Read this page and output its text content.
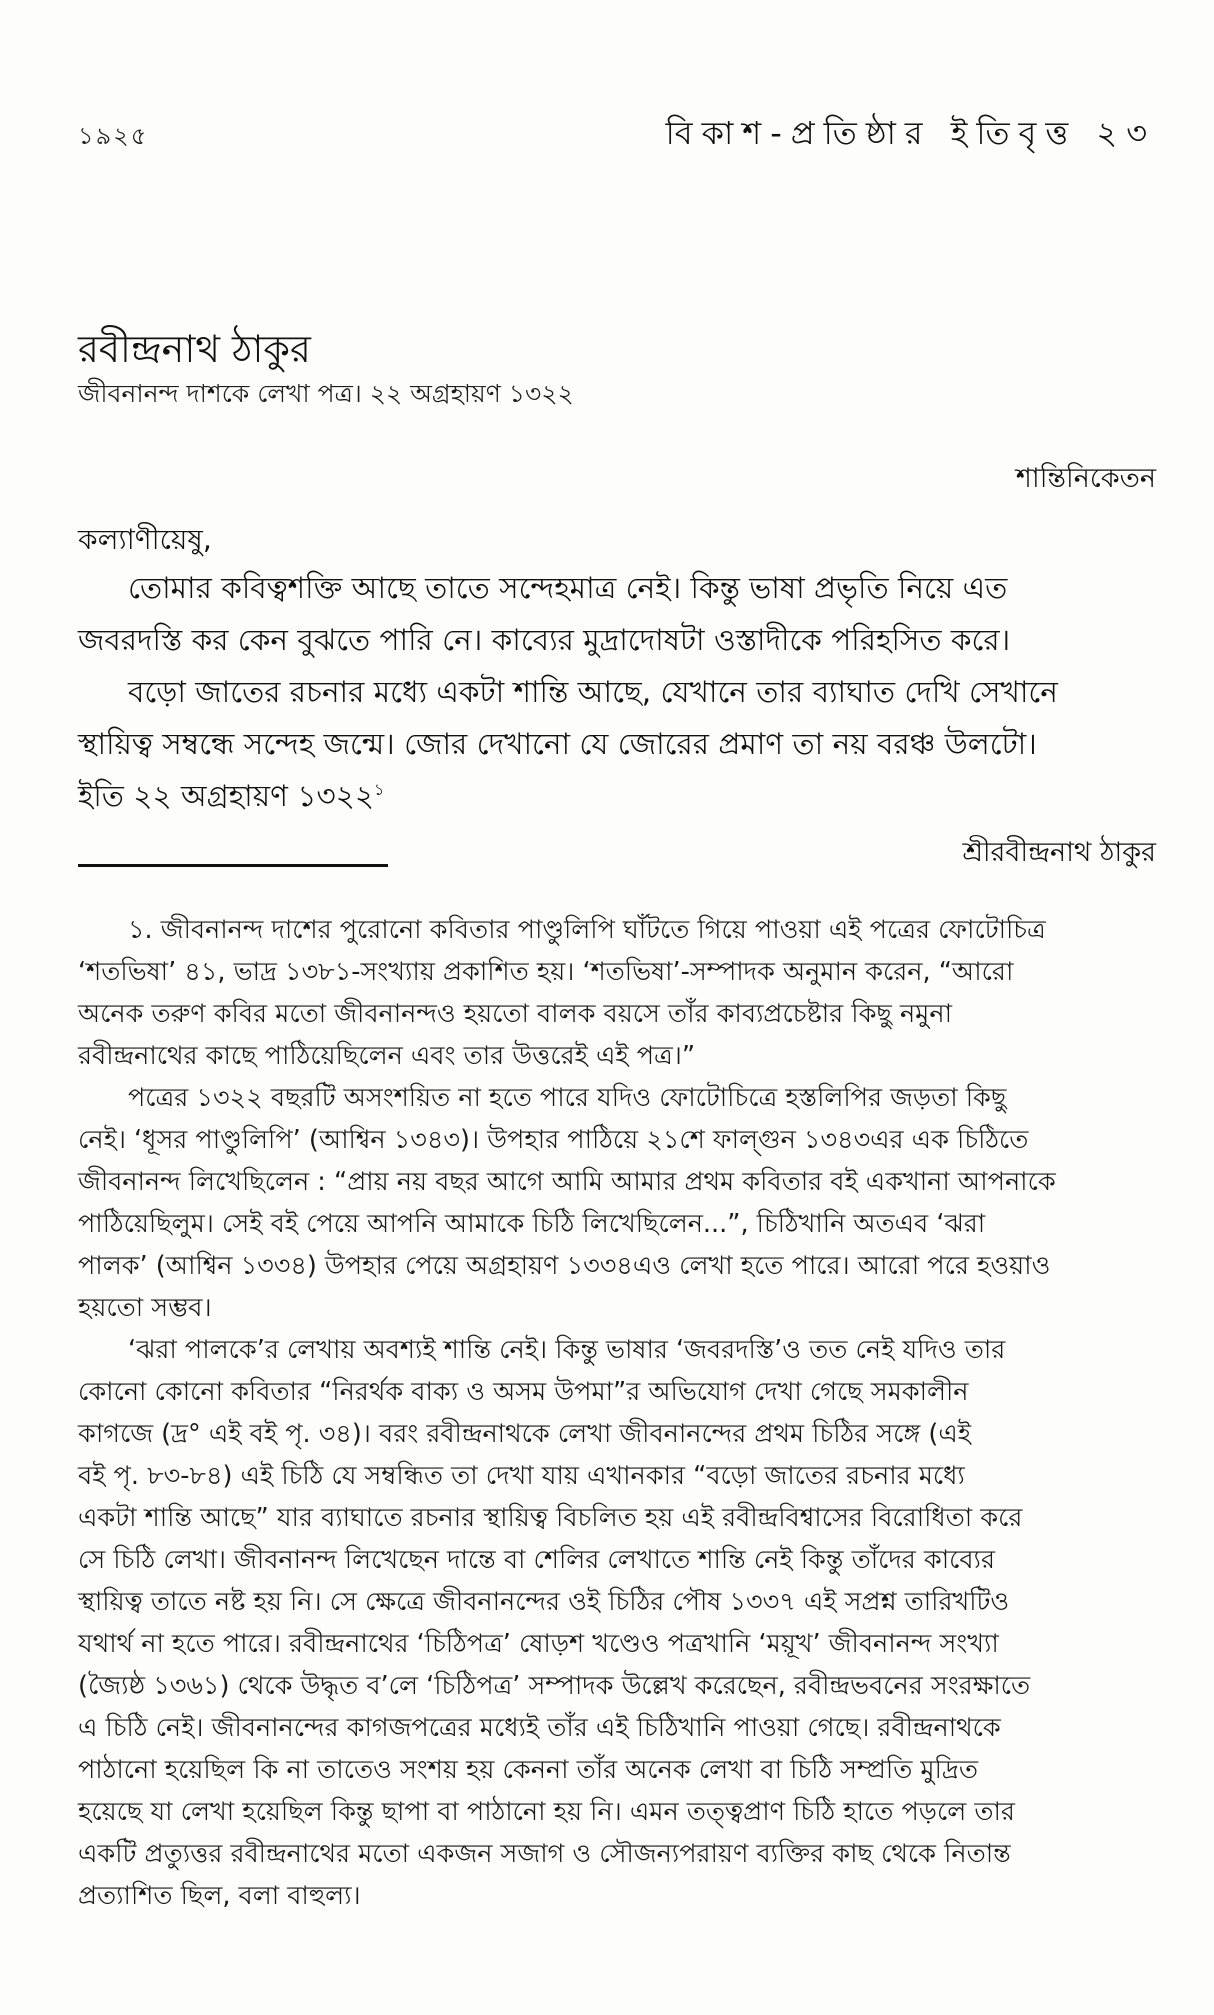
১৯২৫	বিকাশ-প্রতিষ্ঠার ইতিবৃত্ত ২৩
রবীন্দ্রনাথ ঠাকুর
জীবনানন্দ দাশকে লেখা পত্র। ২২ অগ্রহায়ণ ১৩২২
শান্তিনিকেতন
কল্যাণীয়েষু,
তোমার কবিত্বশক্তি আছে তাতে সন্দেহমাত্র নেই। কিন্তু ভাষা প্রভৃতি নিয়ে এত
জবরদস্তি কর কেন বুঝতে পারি নে। কাব্যের মুদ্রাদোষটা ওস্তাদীকে পরিহসিত করে।
বড়ো জাতের রচনার মধ্যে একটা শান্তি আছে, যেখানে তার ব্যাঘাত দেখি সেখানে
স্থায়িত্ব সম্বন্ধে সন্দেহ জন্মে। জোর দেখানো যে জোরের প্রমাণ তা নয় বরঞ্চ উলটো।
ইতি ২২ অগ্রহায়ণ ১৩২২$^১$
শ্রীরবীন্দ্রনাথ ঠাকুর
১. জীবনানন্দ দাশের পুরোনো কবিতার পাণ্ডুলিপি ঘাঁটতে গিয়ে পাওয়া এই পত্রের ফোটোচিত্র
‘শতভিষা’ ৪১, ভাদ্র ১৩৮১-সংখ্যায় প্রকাশিত হয়। ‘শতভিষা’-সম্পাদক অনুমান করেন, “আরো
অনেক তরুণ কবির মতো জীবনানন্দও হয়তো বালক বয়সে তাঁর কাব্যপ্রচেষ্টার কিছু নমুনা
রবীন্দ্রনাথের কাছে পাঠিয়েছিলেন এবং তার উত্তরেই এই পত্র।”
পত্রের ১৩২২ বছরটি অসংশয়িত না হতে পারে যদিও ফোটোচিত্রে হস্তলিপির জড়তা কিছু
নেই। ‘ধূসর পাণ্ডুলিপি’ (আশ্বিন ১৩৪৩)। উপহার পাঠিয়ে ২১শে ফাল্গুন ১৩৪৩এর এক চিঠিতে
জীবনানন্দ লিখেছিলেন : “প্রায় নয় বছর আগে আমি আমার প্রথম কবিতার বই একখানা আপনাকে
পাঠিয়েছিলুম। সেই বই পেয়ে আপনি আমাকে চিঠি লিখেছিলেন...”, চিঠিখানি অতএব ‘ঝরা
পালক’ (আশ্বিন ১৩৩৪) উপহার পেয়ে অগ্রহায়ণ ১৩৩৪এও লেখা হতে পারে। আরো পরে হওয়াও
হয়তো সম্ভব।
‘ঝরা পালকে’র লেখায় অবশ্যই শান্তি নেই। কিন্তু ভাষার ‘জবরদস্তি’ও তত নেই যদিও তার
কোনো কোনো কবিতার “নিরর্থক বাক্য ও অসম উপমা”র অভিযোগ দেখা গেছে সমকালীন
কাগজে (দ্র° এই বই পৃ. ৩৪)। বরং রবীন্দ্রনাথকে লেখা জীবনানন্দের প্রথম চিঠির সঙ্গে (এই
বই পৃ. ৮৩-৮৪) এই চিঠি যে সম্বন্ধিত তা দেখা যায় এখানকার “বড়ো জাতের রচনার মধ্যে
একটা শান্তি আছে” যার ব্যাঘাতে রচনার স্থায়িত্ব বিচলিত হয় এই রবীন্দ্রবিশ্বাসের বিরোধিতা করে
সে চিঠি লেখা। জীবনানন্দ লিখেছেন দান্তে বা শেলির লেখাতে শান্তি নেই কিন্তু তাঁদের কাব্যের
স্থায়িত্ব তাতে নষ্ট হয় নি। সে ক্ষেত্রে জীবনানন্দের ওই চিঠির পৌষ ১৩৩৭ এই সপ্রশ্ন তারিখটিও
যথার্থ না হতে পারে। রবীন্দ্রনাথের ‘চিঠিপত্র’ ষোড়শ খণ্ডেও পত্রখানি ‘ময়ূখ’ জীবনানন্দ সংখ্যা
(জ্যৈষ্ঠ ১৩৬১) থেকে উদ্ধৃত ব’লে ‘চিঠিপত্র’ সম্পাদক উল্লেখ করেছেন, রবীন্দ্রভবনের সংরক্ষাতে
এ চিঠি নেই। জীবনানন্দের কাগজপত্রের মধ্যেই তাঁর এই চিঠিখানি পাওয়া গেছে। রবীন্দ্রনাথকে
পাঠানো হয়েছিল কি না তাতেও সংশয় হয় কেননা তাঁর অনেক লেখা বা চিঠি সম্প্রতি মুদ্রিত
হয়েছে যা লেখা হয়েছিল কিন্তু ছাপা বা পাঠানো হয় নি। এমন তত্ত্বপ্রাণ চিঠি হাতে পড়লে তার
একটি প্রত্যুত্তর রবীন্দ্রনাথের মতো একজন সজাগ ও সৌজন্যপরায়ণ ব্যক্তির কাছ থেকে নিতান্ত
প্রত্যাশিত ছিল, বলা বাহুল্য।
